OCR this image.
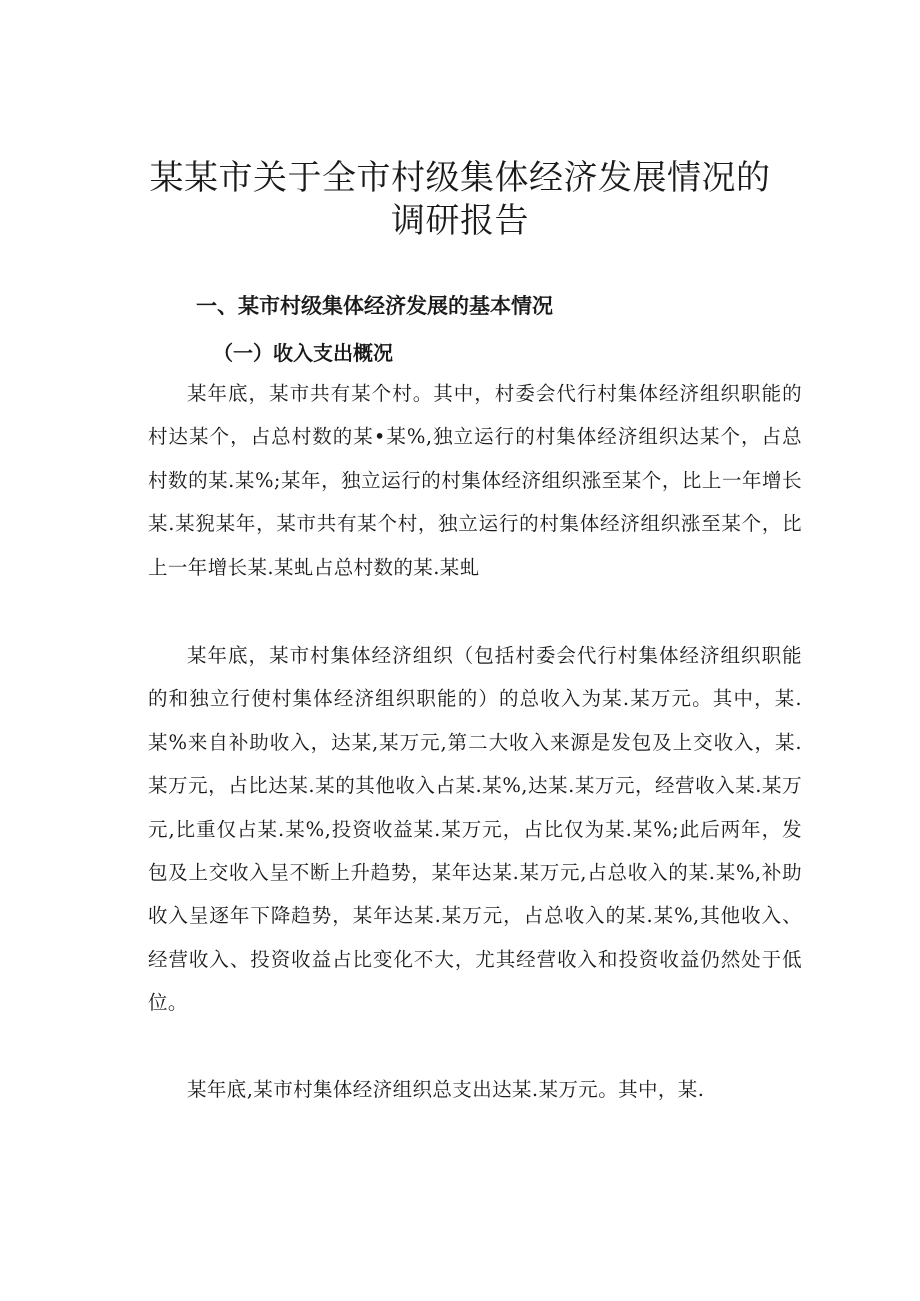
某某市关于全市村级集体经济发展情况的
调研报告
一、某市村级集体经济发展的基本情况
（一）收入支出概况

某年底，某市共有某个村。其中，村委会代行村集体经济组织职能的村达某个，占总村数的某•某%,独立运行的村集体经济组织达某个，占总村数的某.某%;某年，独立运行的村集体经济组织涨至某个，比上一年增长某.某猊某年，某市共有某个村，独立运行的村集体经济组织涨至某个，比上一年增长某.某虬占总村数的某.某虬

某年底，某市村集体经济组织（包括村委会代行村集体经济组织职能的和独立行使村集体经济组织职能的）的总收入为某.某万元。其中，某.某%来自补助收入，达某,某万元,第二大收入来源是发包及上交收入，某.某万元，占比达某.某的其他收入占某.某%,达某.某万元，经营收入某.某万元,比重仅占某.某%,投资收益某.某万元，占比仅为某.某%;此后两年，发包及上交收入呈不断上升趋势，某年达某.某万元,占总收入的某.某%,补助收入呈逐年下降趋势，某年达某.某万元，占总收入的某.某%,其他收入、经营收入、投资收益占比变化不大，尤其经营收入和投资收益仍然处于低位。

某年底,某市村集体经济组织总支出达某.某万元。其中，某.
